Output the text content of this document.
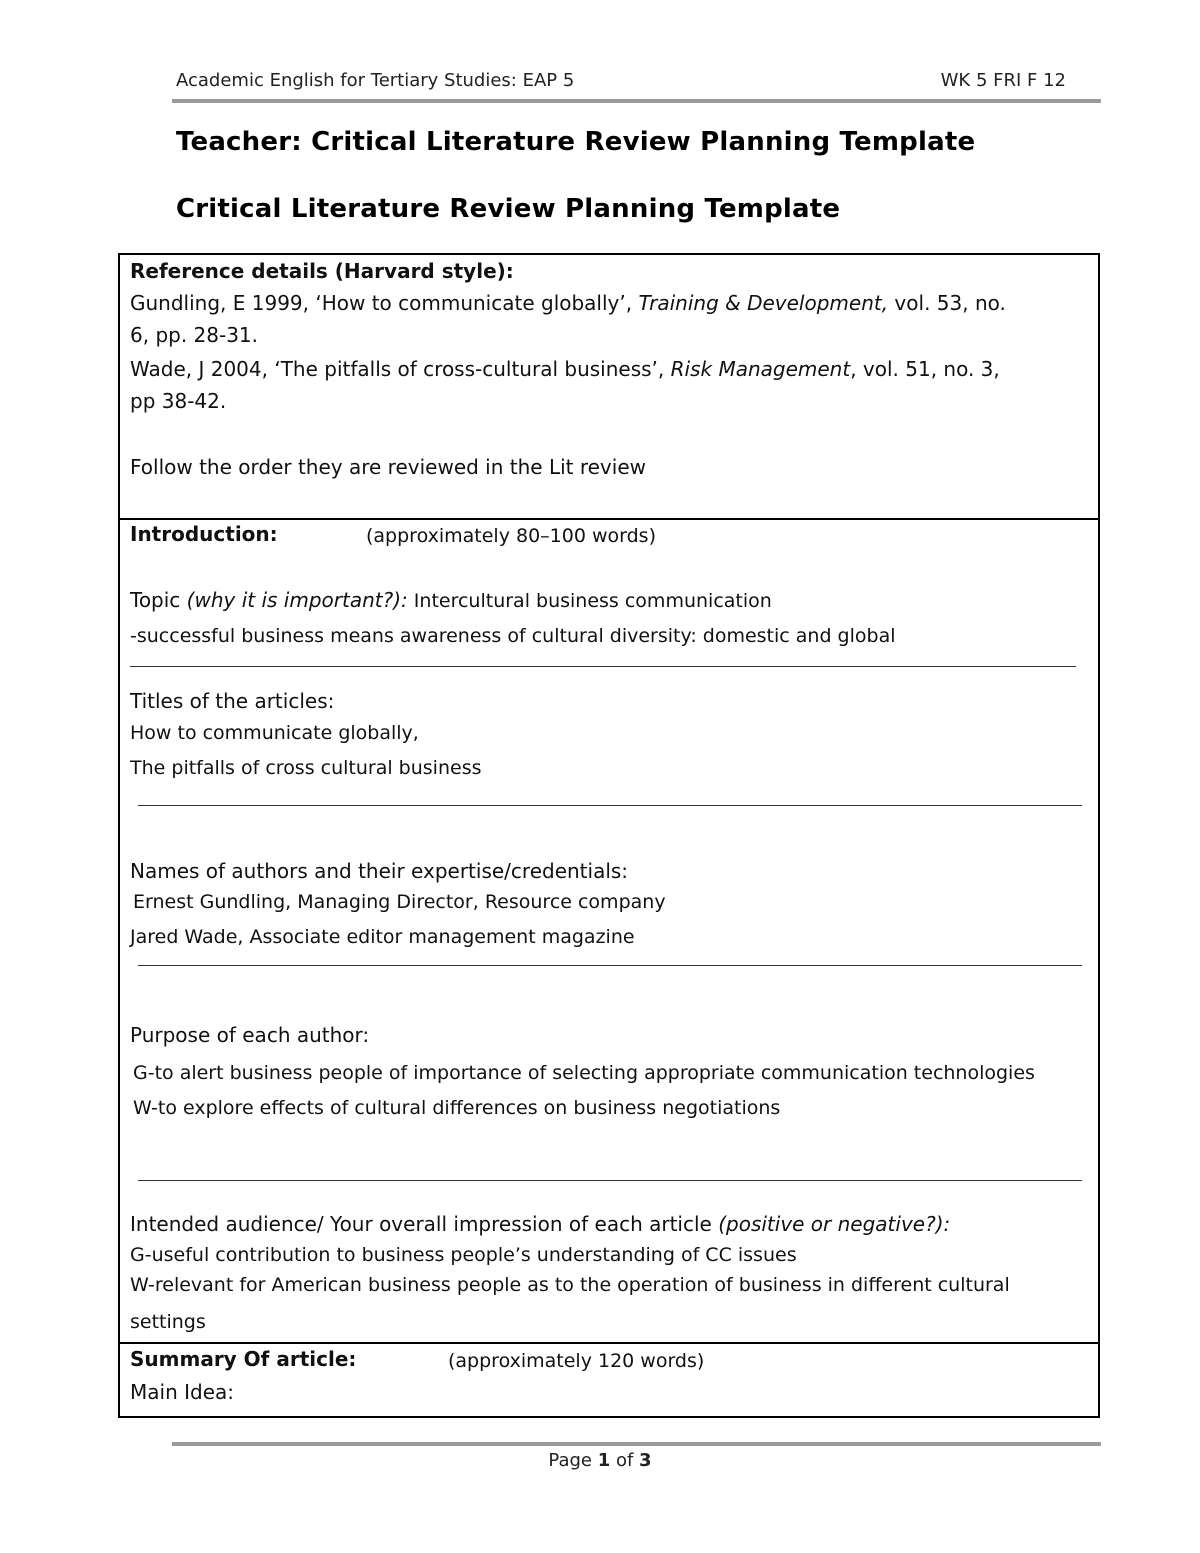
Academic English for Tertiary Studies: EAP 5	WK 5 FRI F 12
Teacher: Critical Literature Review Planning Template
Critical Literature Review Planning Template
Reference details (Harvard style):
Gundling, E 1999, ‘How to communicate globally’, Training & Development, vol. 53, no.
6, pp. 28-31.
Wade, J 2004, ‘The pitfalls of cross-cultural business’, Risk Management, vol. 51, no. 3,
pp 38-42.
Follow the order they are reviewed in the Lit review
Introduction:	(approximately 80–100 words)
Topic (why it is important?): Intercultural business communication
-successful business means awareness of cultural diversity: domestic and global
Titles of the articles:
How to communicate globally,
The pitfalls of cross cultural business
Names of authors and their expertise/credentials:
Ernest Gundling, Managing Director, Resource company
Jared Wade, Associate editor management magazine
Purpose of each author:
G-to alert business people of importance of selecting appropriate communication technologies
W-to explore effects of cultural differences on business negotiations
Intended audience/ Your overall impression of each article (positive or negative?):
G-useful contribution to business people’s understanding of CC issues
W-relevant for American business people as to the operation of business in different cultural
settings
Summary Of article:	(approximately 120 words)
Main Idea:
Page 1 of 3
